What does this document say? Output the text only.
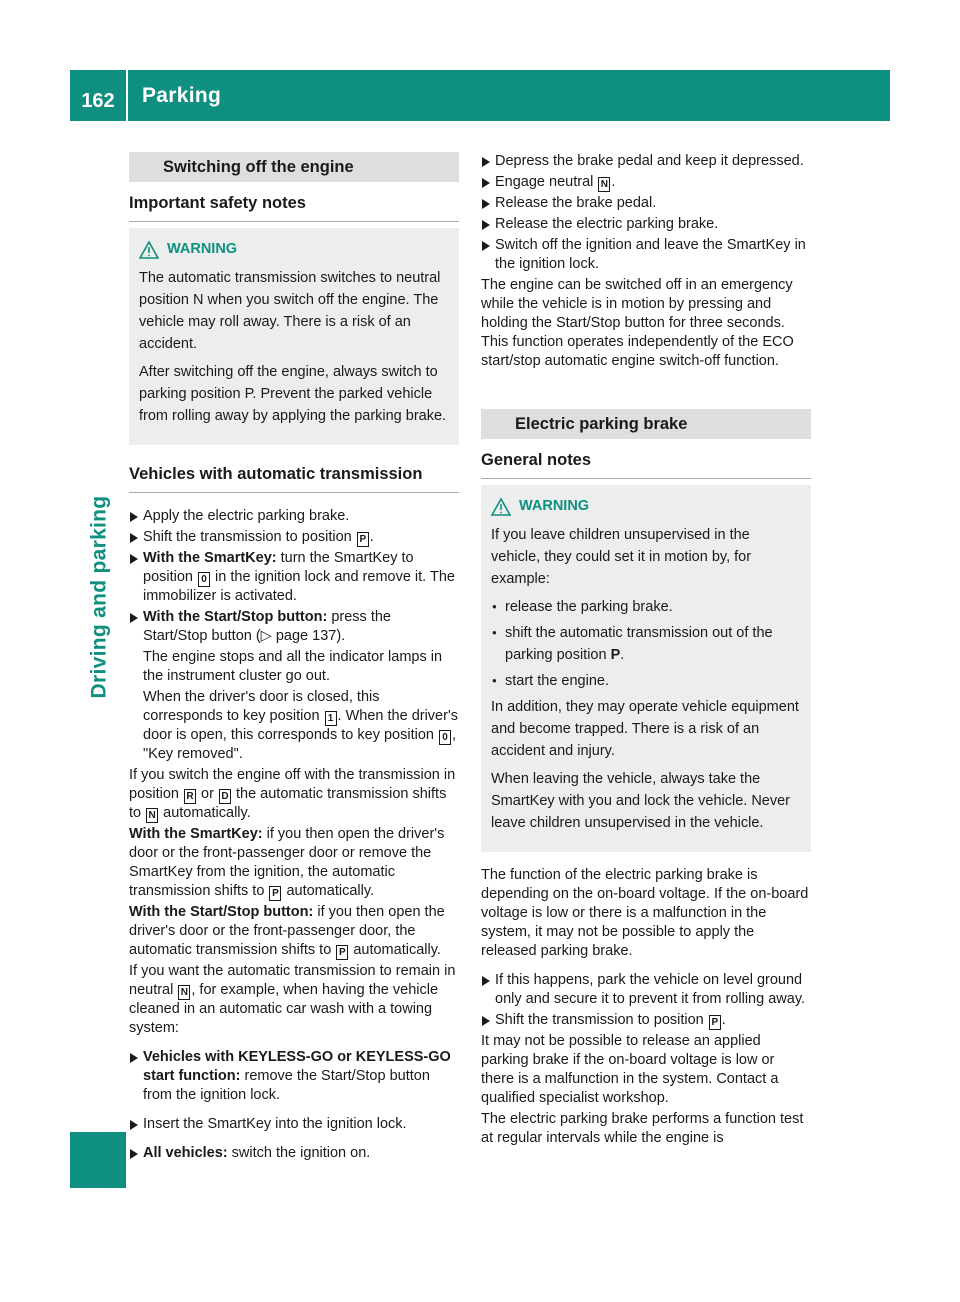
162	Parking
Driving and parking
Switching off the engine
Important safety notes
WARNING

The automatic transmission switches to neutral position N when you switch off the engine. The vehicle may roll away. There is a risk of an accident.

After switching off the engine, always switch to parking position P. Prevent the parked vehicle from rolling away by applying the parking brake.

Vehicles with automatic transmission
Apply the electric parking brake.
Shift the transmission to position P .
With the SmartKey: turn the SmartKey to position 0 in the ignition lock and remove it. The immobilizer is activated.
With the Start/Stop button: press the Start/Stop button (▷ page 137).
The engine stops and all the indicator lamps in the instrument cluster go out.
When the driver's door is closed, this corresponds to key position 1 . When the driver's door is open, this corresponds to key position 0 , "Key removed".
If you switch the engine off with the transmission in position R or D the automatic transmission shifts to N automatically.
With the SmartKey: if you then open the driver's door or the front-passenger door or remove the SmartKey from the ignition, the automatic transmission shifts to P automatically.
With the Start/Stop button: if you then open the driver's door or the front-passenger door, the automatic transmission shifts to P automatically.
If you want the automatic transmission to remain in neutral N , for example, when having the vehicle cleaned in an automatic car wash with a towing system:
Vehicles with KEYLESS-GO or KEYLESS-GO start function: remove the Start/Stop button from the ignition lock.
Insert the SmartKey into the ignition lock.
All vehicles: switch the ignition on.
Depress the brake pedal and keep it depressed.
Engage neutral N .
Release the brake pedal.
Release the electric parking brake.
Switch off the ignition and leave the SmartKey in the ignition lock.
The engine can be switched off in an emergency while the vehicle is in motion by pressing and holding the Start/Stop button for three seconds. This function operates independently of the ECO start/stop automatic engine switch-off function.
Electric parking brake
General notes
WARNING

If you leave children unsupervised in the vehicle, they could set it in motion by, for example:

● release the parking brake.
● shift the automatic transmission out of the parking position P.
● start the engine.

In addition, they may operate vehicle equipment and become trapped. There is a risk of an accident and injury.

When leaving the vehicle, always take the SmartKey with you and lock the vehicle. Never leave children unsupervised in the vehicle.

The function of the electric parking brake is depending on the on-board voltage. If the on-board voltage is low or there is a malfunction in the system, it may not be possible to apply the released parking brake.
If this happens, park the vehicle on level ground only and secure it to prevent it from rolling away.
Shift the transmission to position P .
It may not be possible to release an applied parking brake if the on-board voltage is low or there is a malfunction in the system. Contact a qualified specialist workshop.
The electric parking brake performs a function test at regular intervals while the engine is
